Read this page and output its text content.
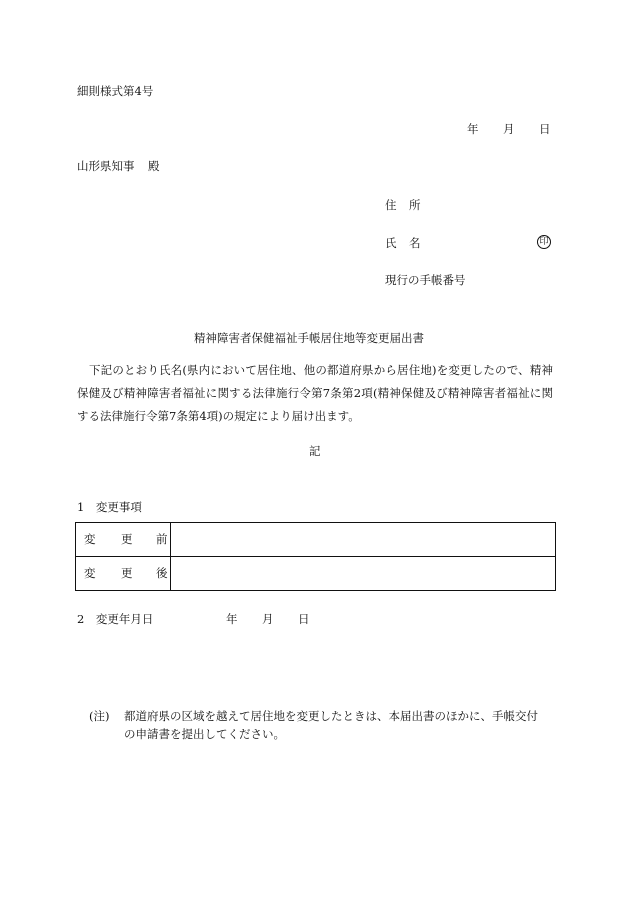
細則様式第4号
年 月 日
山形県知事 殿
住 所
氏 名	印
現行の手帳番号
精神障害者保健福祉手帳居住地等変更届出書
下記のとおり氏名(県内において居住地、他の都道府県から居住地)を変更したので、精神保健及び精神障害者福祉に関する法律施行令第7条第2項(精神保健及び精神障害者福祉に関する法律施行令第7条第4項)の規定により届け出ます。
記
1　変更事項
変 更 前	

変 更 後	

2　変更年月日	年 月 日
(注) 都道府県の区域を越えて居住地を変更したときは、本届出書のほかに、手帳交付
の申請書を提出してください。
